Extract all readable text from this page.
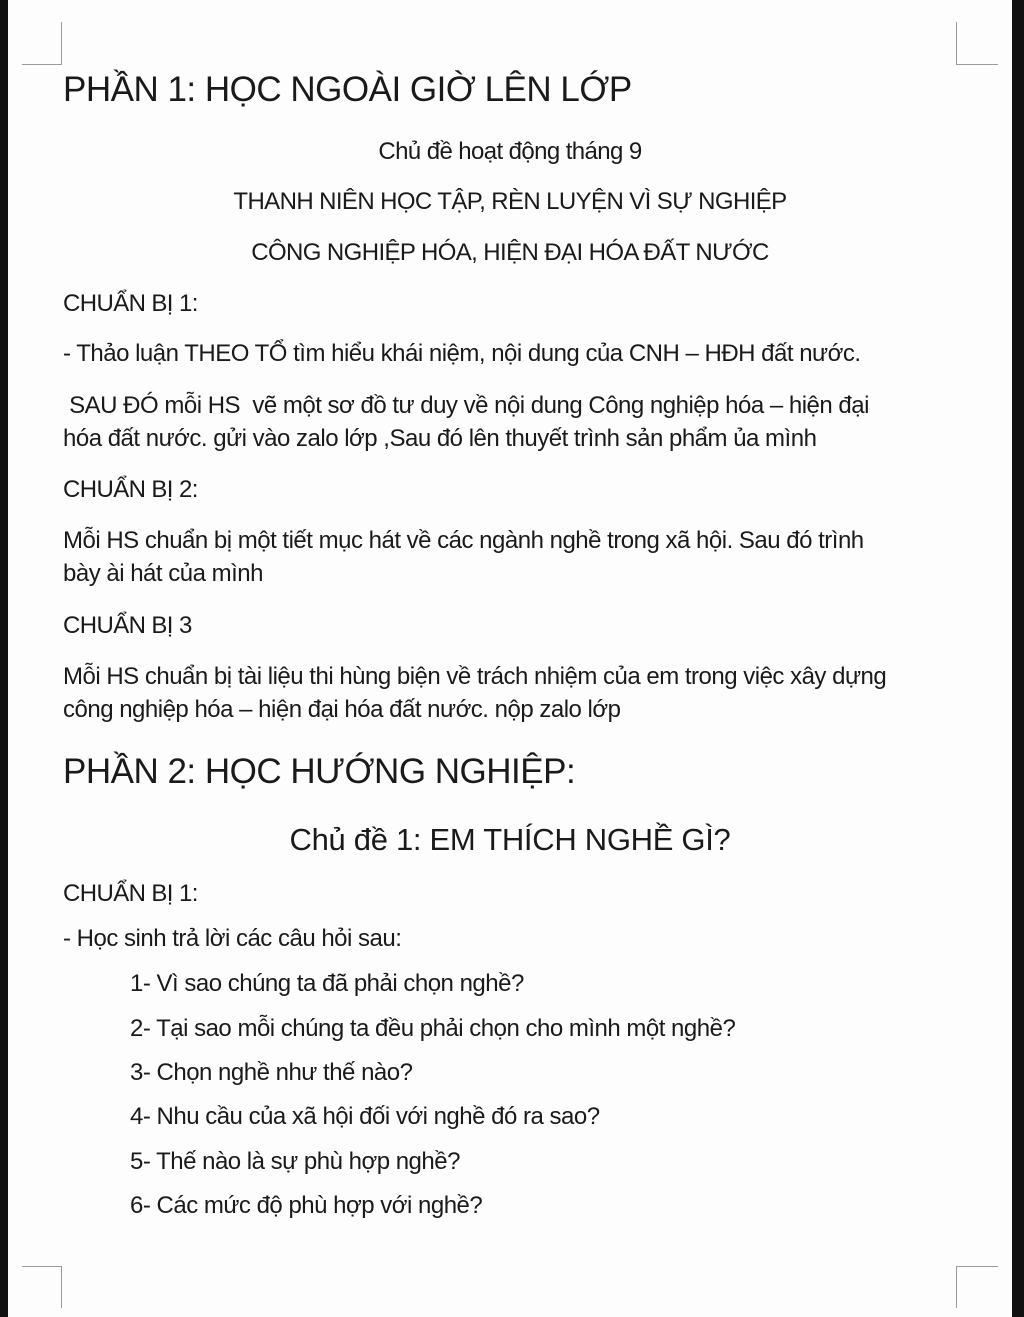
PHẦN 1: HỌC NGOÀI GIỜ LÊN LỚP

Chủ đề hoạt động tháng 9

THANH NIÊN HỌC TẬP, RÈN LUYỆN VÌ SỰ NGHIỆP

CÔNG NGHIỆP HÓA, HIỆN ĐẠI HÓA ĐẤT NƯỚC

CHUẨN BỊ 1:

- Thảo luận THEO TỔ tìm hiểu khái niệm, nội dung của CNH – HĐH đất nước.

SAU ĐÓ mỗi HS  vẽ một sơ đồ tư duy về nội dung Công nghiệp hóa – hiện đại

hóa đất nước. gửi vào zalo lớp ,Sau đó lên thuyết trình sản phẩm ủa mình

CHUẨN BỊ 2:

Mỗi HS chuẩn bị một tiết mục hát về các ngành nghề trong xã hội. Sau đó trình

bày ài hát của mình

CHUẨN BỊ 3

Mỗi HS chuẩn bị tài liệu thi hùng biện về trách nhiệm của em trong việc xây dựng

công nghiệp hóa – hiện đại hóa đất nước. nộp zalo lớp

PHẦN 2: HỌC HƯỚNG NGHIỆP:
Chủ đề 1: EM THÍCH NGHỀ GÌ?

CHUẨN BỊ 1:

- Học sinh trả lời các câu hỏi sau:

1- Vì sao chúng ta đã phải chọn nghề?

2- Tại sao mỗi chúng ta đều phải chọn cho mình một nghề?

3- Chọn nghề như thế nào?

4- Nhu cầu của xã hội đối với nghề đó ra sao?

5- Thế nào là sự phù hợp nghề?

6- Các mức độ phù hợp với nghề?
